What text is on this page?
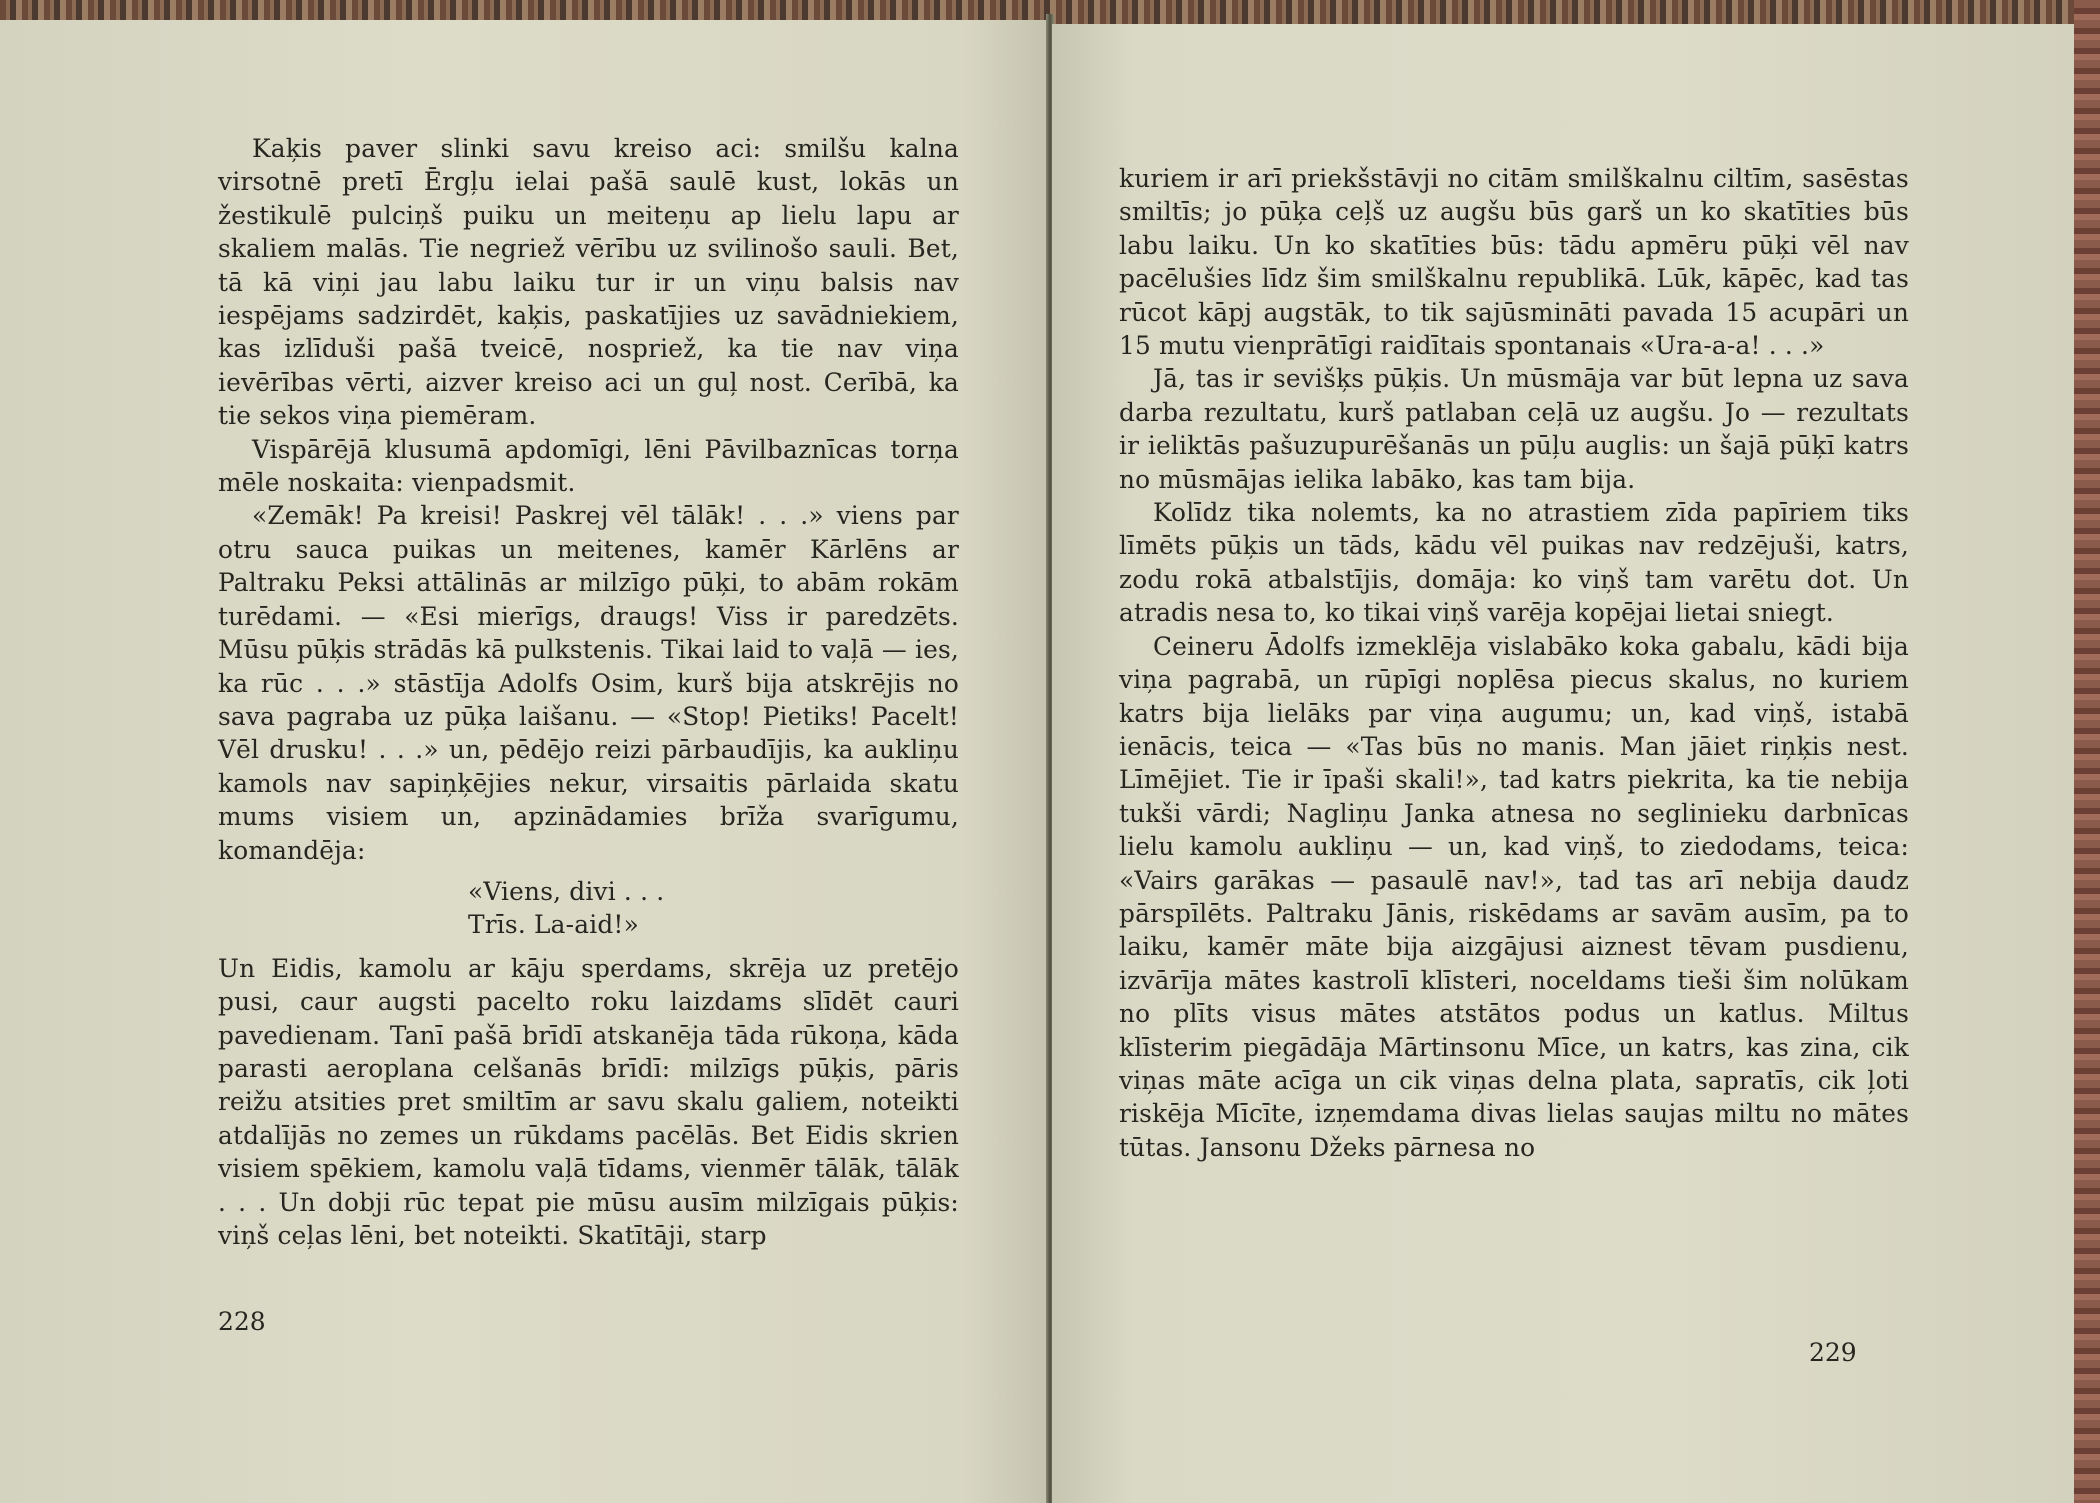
Kaķis paver slinki savu kreiso aci: smilšu kalna virsotnē pretī Ērgļu ielai pašā saulē kust, lokās un žestikulē pulciņš puiku un meiteņu ap lielu lapu ar skaliem malās. Tie negriež vērību uz svilinošo sauli. Bet, tā kā viņi jau labu laiku tur ir un viņu balsis nav iespējams sadzirdēt, kaķis, paskatījies uz savādniekiem, kas izlīduši pašā tveicē, nospriež, ka tie nav viņa ievērības vērti, aizver kreiso aci un guļ nost. Cerībā, ka tie sekos viņa piemēram.

Vispārējā klusumā apdomīgi, lēni Pāvilbaznīcas torņa mēle noskaita: vienpadsmit.

«Zemāk! Pa kreisi! Paskrej vēl tālāk! . . .» viens par otru sauca puikas un meitenes, kamēr Kārlēns ar Paltraku Peksi attālinās ar milzīgo pūķi, to abām rokām turēdami. — «Esi mierīgs, draugs! Viss ir paredzēts. Mūsu pūķis strādās kā pulkstenis. Tikai laid to vaļā — ies, ka rūc . . .» stāstīja Adolfs Osim, kurš bija atskrējis no sava pagraba uz pūķa laišanu. — «Stop! Pietiks! Pacelt! Vēl drusku! . . .» un, pēdējo reizi pārbaudījis, ka aukliņu kamols nav sapiņķējies nekur, virsaitis pārlaida skatu mums visiem un, apzinādamies brīža svarīgumu, komandēja:

«Viens, divi . . .
Trīs. La-aid!»

Un Eidis, kamolu ar kāju sperdams, skrēja uz pretējo pusi, caur augsti pacelto roku laizdams slīdēt cauri pavedienam. Tanī pašā brīdī atskanēja tāda rūkoņa, kāda parasti aeroplana celšanās brīdī: milzīgs pūķis, pāris reižu atsities pret smiltīm ar savu skalu galiem, noteikti atdalījās no zemes un rūkdams pacēlās. Bet Eidis skrien visiem spēkiem, kamolu vaļā tīdams, vienmēr tālāk, tālāk . . . Un dobji rūc tepat pie mūsu ausīm milzīgais pūķis: viņš ceļas lēni, bet noteikti. Skatītāji, starp

228

kuriem ir arī priekšstāvji no citām smilškalnu ciltīm, sasēstas smiltīs; jo pūķa ceļš uz augšu būs garš un ko skatīties būs labu laiku. Un ko skatīties būs: tādu apmēru pūķi vēl nav pacēlušies līdz šim smilškalnu republikā. Lūk, kāpēc, kad tas rūcot kāpj augstāk, to tik sajūsmināti pavada 15 acupāri un 15 mutu vienprātīgi raidītais spontanais «Ura-a-a! . . .»

Jā, tas ir sevišķs pūķis. Un mūsmāja var būt lepna uz sava darba rezultatu, kurš patlaban ceļā uz augšu. Jo — rezultats ir ieliktās pašuzupurēšanās un pūļu auglis: un šajā pūķī katrs no mūsmājas ielika labāko, kas tam bija.

Kolīdz tika nolemts, ka no atrastiem zīda papīriem tiks līmēts pūķis un tāds, kādu vēl puikas nav redzējuši, katrs, zodu rokā atbalstījis, domāja: ko viņš tam varētu dot. Un atradis nesa to, ko tikai viņš varēja kopējai lietai sniegt.

Ceineru Ādolfs izmeklēja vislabāko koka gabalu, kādi bija viņa pagrabā, un rūpīgi noplēsa piecus skalus, no kuriem katrs bija lielāks par viņa augumu; un, kad viņš, istabā ienācis, teica — «Tas būs no manis. Man jāiet riņķis nest. Līmējiet. Tie ir īpaši skali!», tad katrs piekrita, ka tie nebija tukši vārdi; Nagliņu Janka atnesa no seglinieku darbnīcas lielu kamolu aukliņu — un, kad viņš, to ziedodams, teica: «Vairs garākas — pasaulē nav!», tad tas arī nebija daudz pārspīlēts. Paltraku Jānis, riskēdams ar savām ausīm, pa to laiku, kamēr māte bija aizgājusi aiznest tēvam pusdienu, izvārīja mātes kastrolī klīsteri, noceldams tieši šim nolūkam no plīts visus mātes atstātos podus un katlus. Miltus klīsterim piegādāja Mārtinsonu Mīce, un katrs, kas zina, cik viņas māte acīga un cik viņas delna plata, sapratīs, cik ļoti riskēja Mīcīte, izņemdama divas lielas saujas miltu no mātes tūtas. Jansonu Džeks pārnesa no

229
